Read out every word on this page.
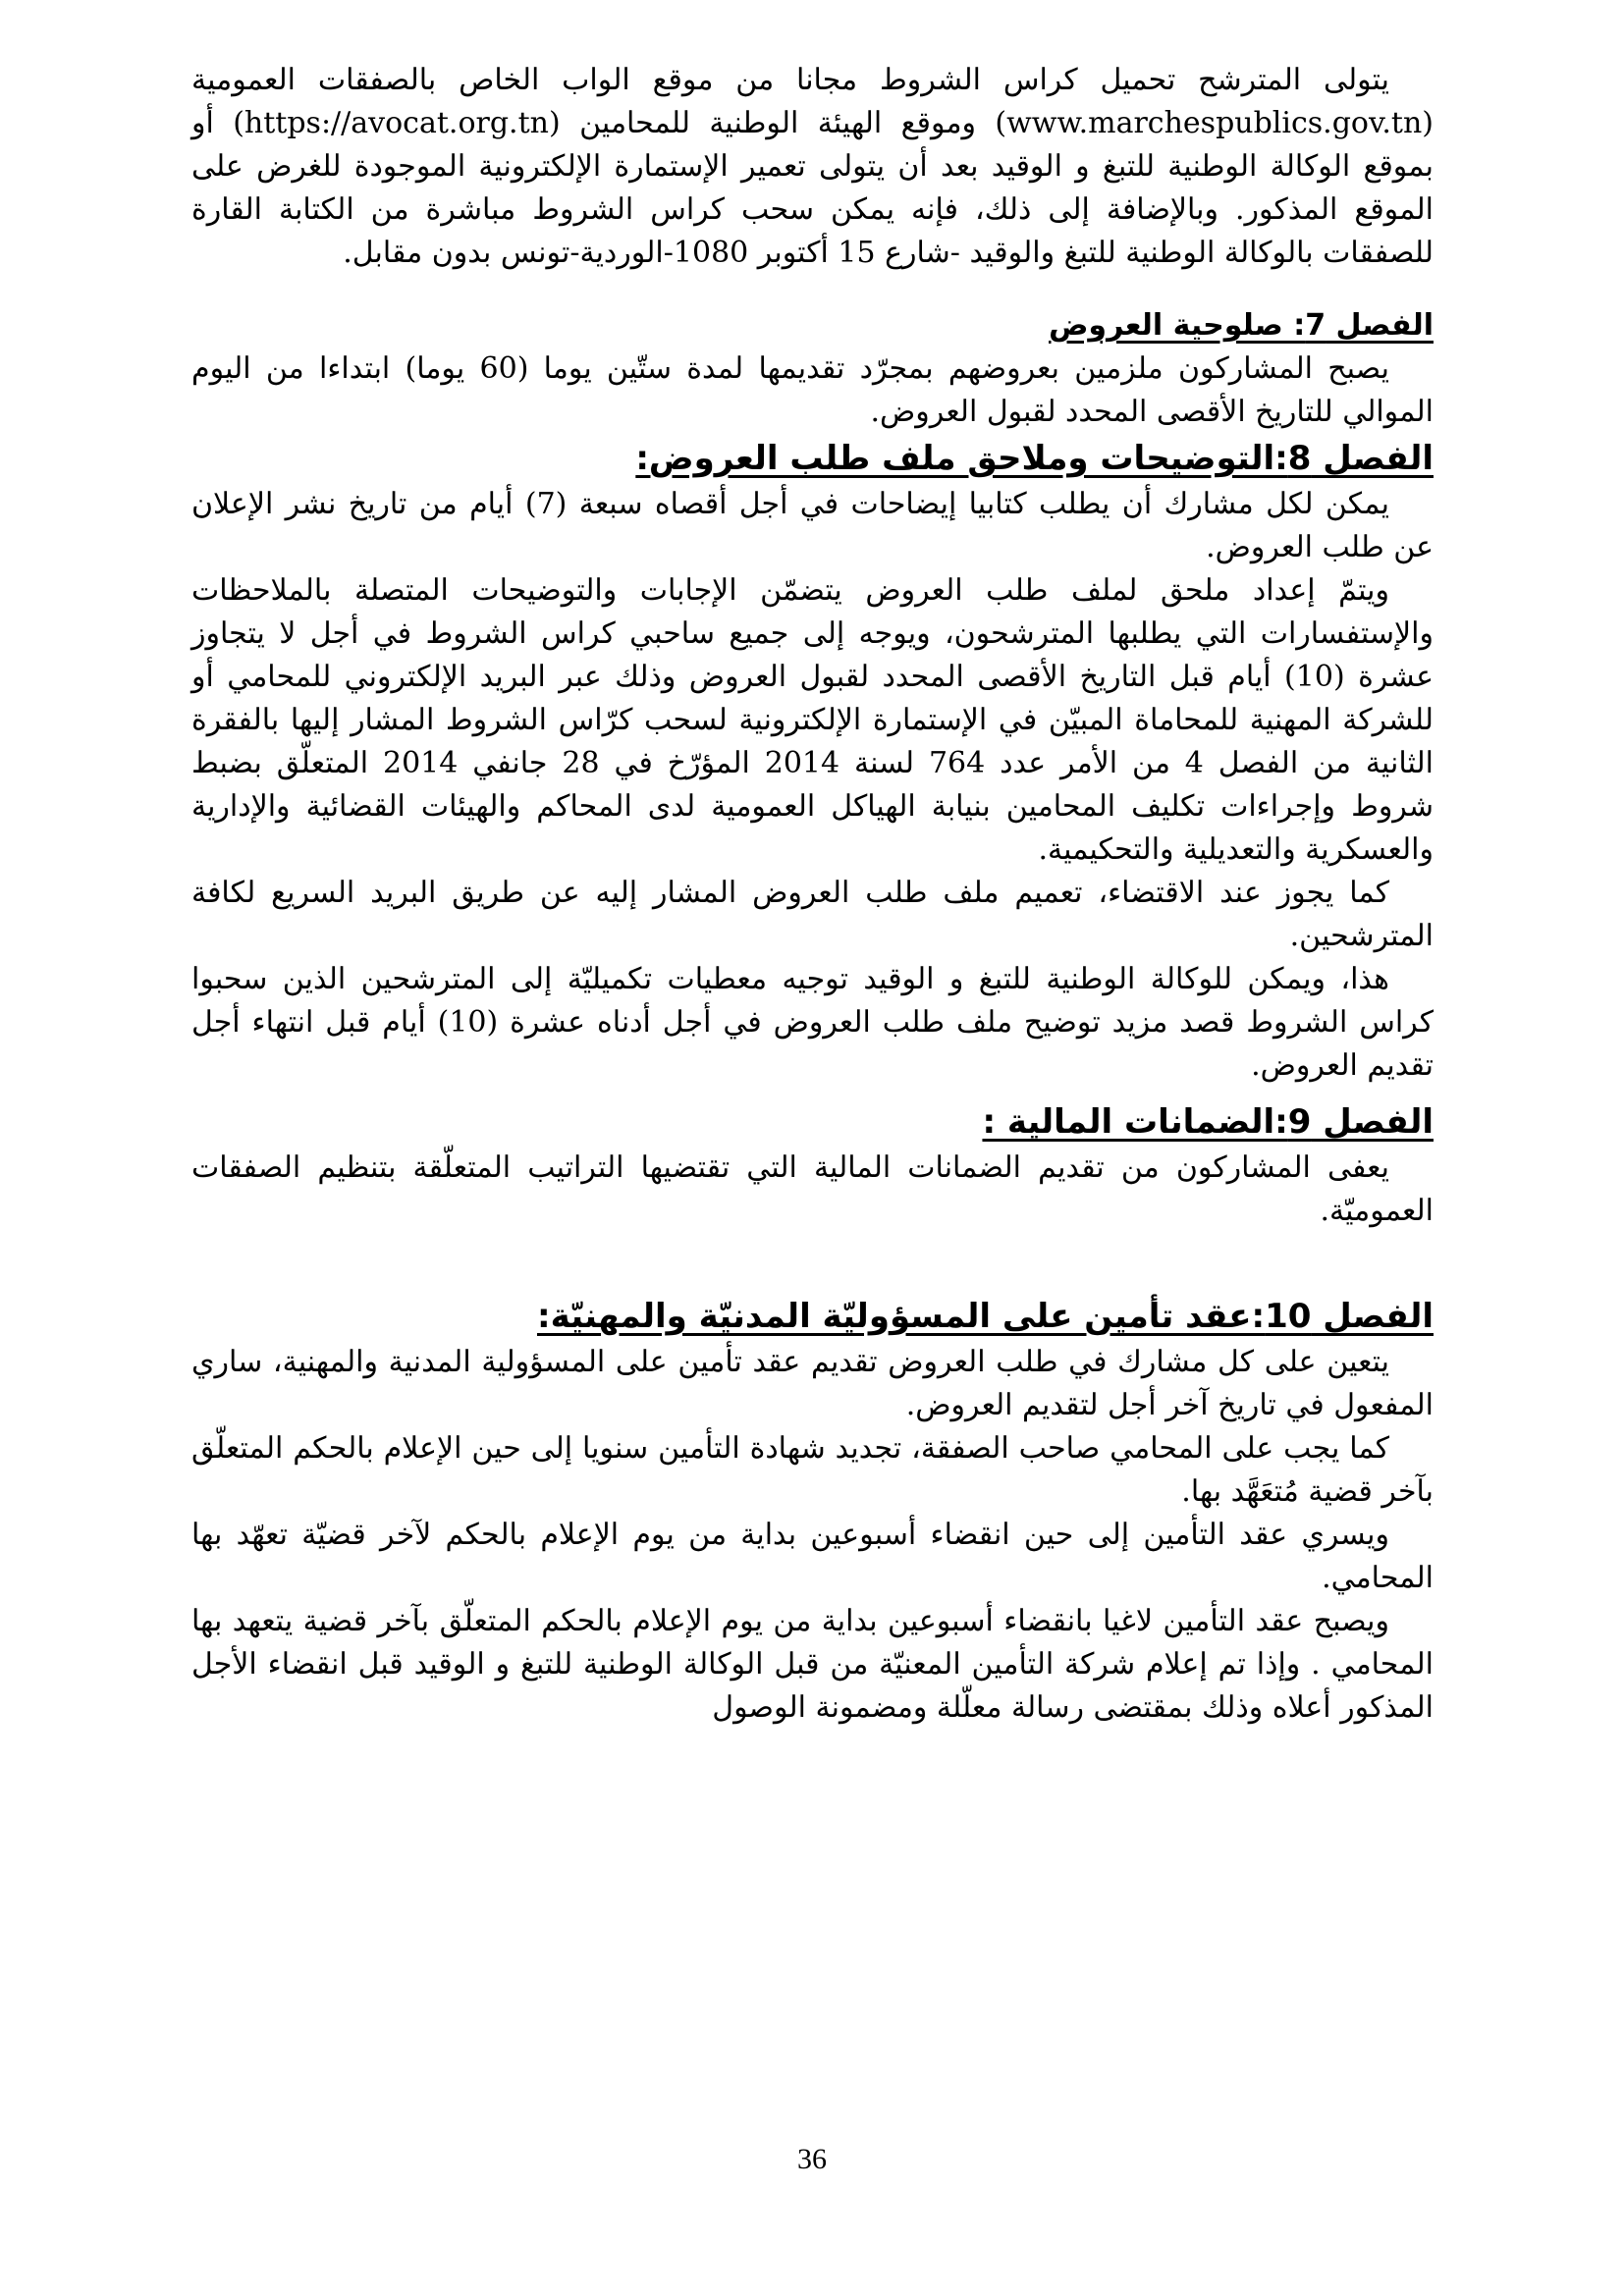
يتولى المترشح تحميل كراس الشروط مجانا من موقع الواب الخاص بالصفقات العمومية (www.marchespublics.gov.tn) وموقع الهيئة الوطنية للمحامين (https://avocat.org.tn) أو بموقع الوكالة الوطنية للتبغ و الوقيد بعد أن يتولى تعمير الإستمارة الإلكترونية الموجودة للغرض على الموقع المذكور. وبالإضافة إلى ذلك، فإنه يمكن سحب كراس الشروط مباشرة من الكتابة القارة للصفقات بالوكالة الوطنية للتبغ والوقيد -شارع 15 أكتوبر 1080-الوردية-تونس بدون مقابل.

الفصل 7: صلوحية العروض

يصبح المشاركون ملزمين بعروضهم بمجرّد تقديمها لمدة ستّين يوما (60 يوما) ابتداءا من اليوم الموالي للتاريخ الأقصى المحدد لقبول العروض.

الفصل 8:التوضيحات وملاحق ملف طلب العروض:

يمكن لكل مشارك أن يطلب كتابيا إيضاحات في أجل أقصاه سبعة (7) أيام من تاريخ نشر الإعلان عن طلب العروض.

ويتمّ إعداد ملحق لملف طلب العروض يتضمّن الإجابات والتوضيحات المتصلة بالملاحظات والإستفسارات التي يطلبها المترشحون، ويوجه إلى جميع ساحبي كراس الشروط في أجل لا يتجاوز عشرة (10) أيام قبل التاريخ الأقصى المحدد لقبول العروض وذلك عبر البريد الإلكتروني للمحامي أو للشركة المهنية للمحاماة المبيّن في الإستمارة الإلكترونية لسحب كرّاس الشروط المشار إليها بالفقرة الثانية من الفصل 4 من الأمر عدد 764 لسنة 2014 المؤرّخ في 28 جانفي 2014 المتعلّق بضبط شروط وإجراءات تكليف المحامين بنيابة الهياكل العمومية لدى المحاكم والهيئات القضائية والإدارية والعسكرية والتعديلية والتحكيمية.

كما يجوز عند الاقتضاء، تعميم ملف طلب العروض المشار إليه عن طريق البريد السريع لكافة المترشحين.

هذا، ويمكن للوكالة الوطنية للتبغ و الوقيد توجيه معطيات تكميليّة إلى المترشحين الذين سحبوا كراس الشروط قصد مزيد توضيح ملف طلب العروض في أجل أدناه عشرة (10) أيام قبل انتهاء أجل تقديم العروض.

الفصل 9:الضمانات المالية :

يعفى المشاركون من تقديم الضمانات المالية التي تقتضيها التراتيب المتعلّقة بتنظيم الصفقات العموميّة.

الفصل 10:عقد تأمين على المسؤوليّة المدنيّة والمهنيّة:

يتعين على كل مشارك في طلب العروض تقديم عقد تأمين على المسؤولية المدنية والمهنية، ساري المفعول في تاريخ آخر أجل لتقديم العروض.

كما يجب على المحامي صاحب الصفقة، تجديد شهادة التأمين سنويا إلى حين الإعلام بالحكم المتعلّق بآخر قضية مُتعَهَّد بها.

ويسري عقد التأمين إلى حين انقضاء أسبوعين بداية من يوم الإعلام بالحكم لآخر قضيّة تعهّد بها المحامي.

ويصبح عقد التأمين لاغيا بانقضاء أسبوعين بداية من يوم الإعلام بالحكم المتعلّق بآخر قضية يتعهد بها المحامي . وإذا تم إعلام شركة التأمين المعنيّة من قبل الوكالة الوطنية للتبغ و الوقيد قبل انقضاء الأجل المذكور أعلاه وذلك بمقتضى رسالة معلّلة ومضمونة الوصول

36
